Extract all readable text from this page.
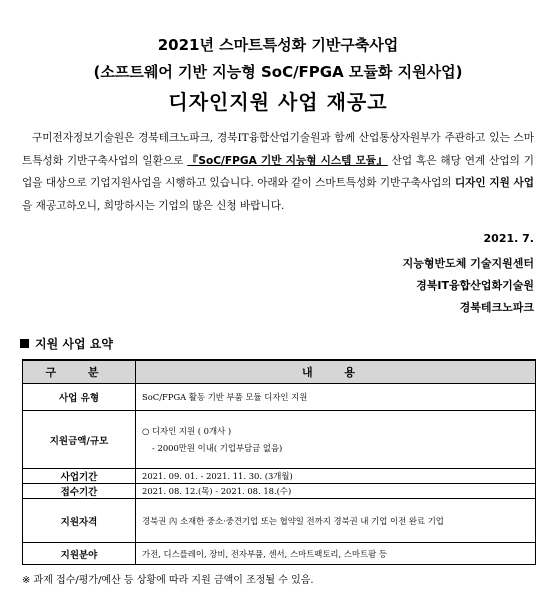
2021년 스마트특성화 기반구축사업
(소프트웨어 기반 지능형 SoC/FPGA 모듈화 지원사업)
디자인지원 사업 재공고

구미전자정보기술원은 경북테크노파크, 경북IT융합산업기술원과 함께 산업통상자원부가 주관하고 있는 스마트특성화 기반구축사업의 일환으로 『SoC/FPGA 기반 지능형 시스템 모듈』 산업 혹은 해당 연계 산업의 기업을 대상으로 기업지원사업을 시행하고 있습니다. 아래와 같이 스마트특성화 기반구축사업의 디자인 지원 사업을 재공고하오니, 희망하시는 기업의 많은 신청 바랍니다.

2021. 7.
지능형반도체 기술지원센터
경북IT융합산업화기술원
경북테크노파크
지원 사업 요약
구 분	내 용
사업 유형	SoC/FPGA 활동 기반 부품 모듈 디자인 지원
지원금액/규모	○ 디자인 지원 ( 0개사 )
- 2000만원 이내( 기업부담금 없음)

사업기간	2021. 09. 01. - 2021. 11. 30. (3개월)
접수기간	2021. 08. 12.(목) - 2021. 08. 18.(수)
지원자격	경북권 內 소재한 중소·중견기업 또는 협약일 전까지 경북권 내 기업 이전 완료 기업
지원분야	가전, 디스플레이, 장비, 전자부품, 센서, 스마트팩토리, 스마트팜 등
※ 과제 접수/평가/예산 등 상황에 따라 지원 금액이 조정될 수 있음.
